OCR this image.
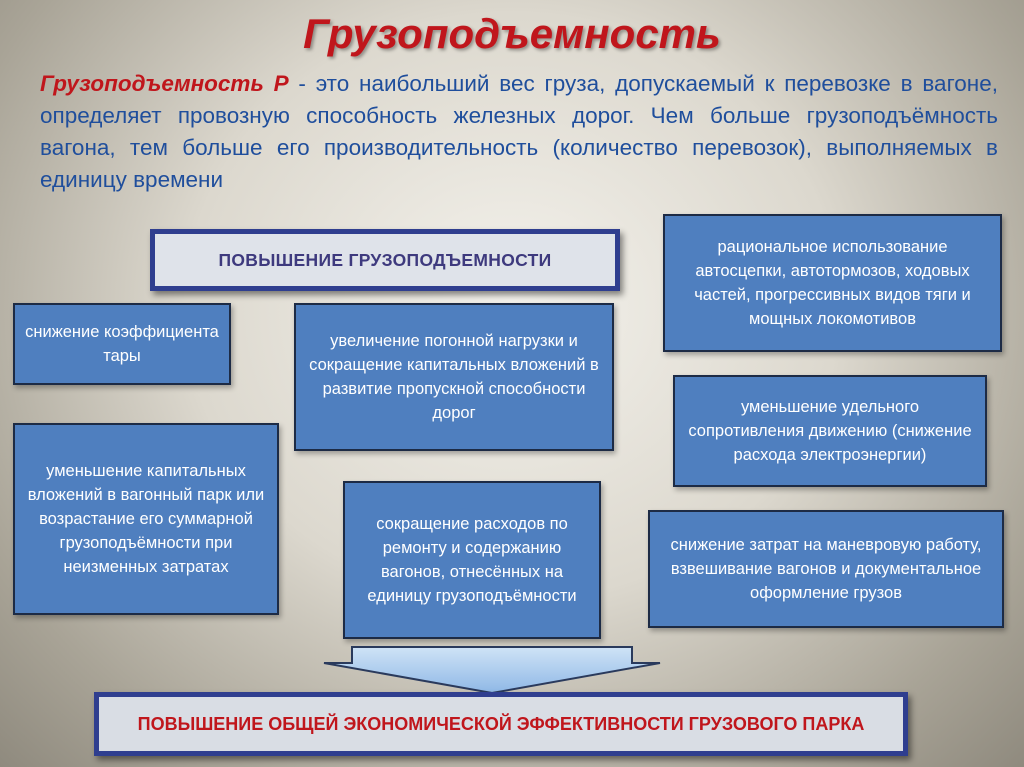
Грузоподъемность
Грузоподъемность Р - это наибольший вес груза, допускаемый к перевозке в вагоне, определяет провозную способность железных дорог. Чем больше грузоподъёмность вагона, тем больше его производительность (количество перевозок), выполняемых в единицу времени
ПОВЫШЕНИЕ ГРУЗОПОДЪЕМНОСТИ
снижение коэффициента тары
уменьшение капитальных вложений в вагонный парк или возрастание его суммарной грузоподъёмности при неизменных затратах
увеличение погонной нагрузки и сокращение капитальных вложений в развитие пропускной способности дорог
сокращение расходов по ремонту и содержанию вагонов, отнесённых на единицу грузоподъёмности
рациональное использование автосцепки, автотормозов, ходовых частей, прогрессивных видов тяги и мощных локомотивов
уменьшение удельного сопротивления движению (снижение расхода электроэнергии)
снижение затрат на маневровую работу, взвешивание вагонов и документальное оформление грузов
ПОВЫШЕНИЕ ОБЩЕЙ ЭКОНОМИЧЕСКОЙ ЭФФЕКТИВНОСТИ ГРУЗОВОГО ПАРКА
